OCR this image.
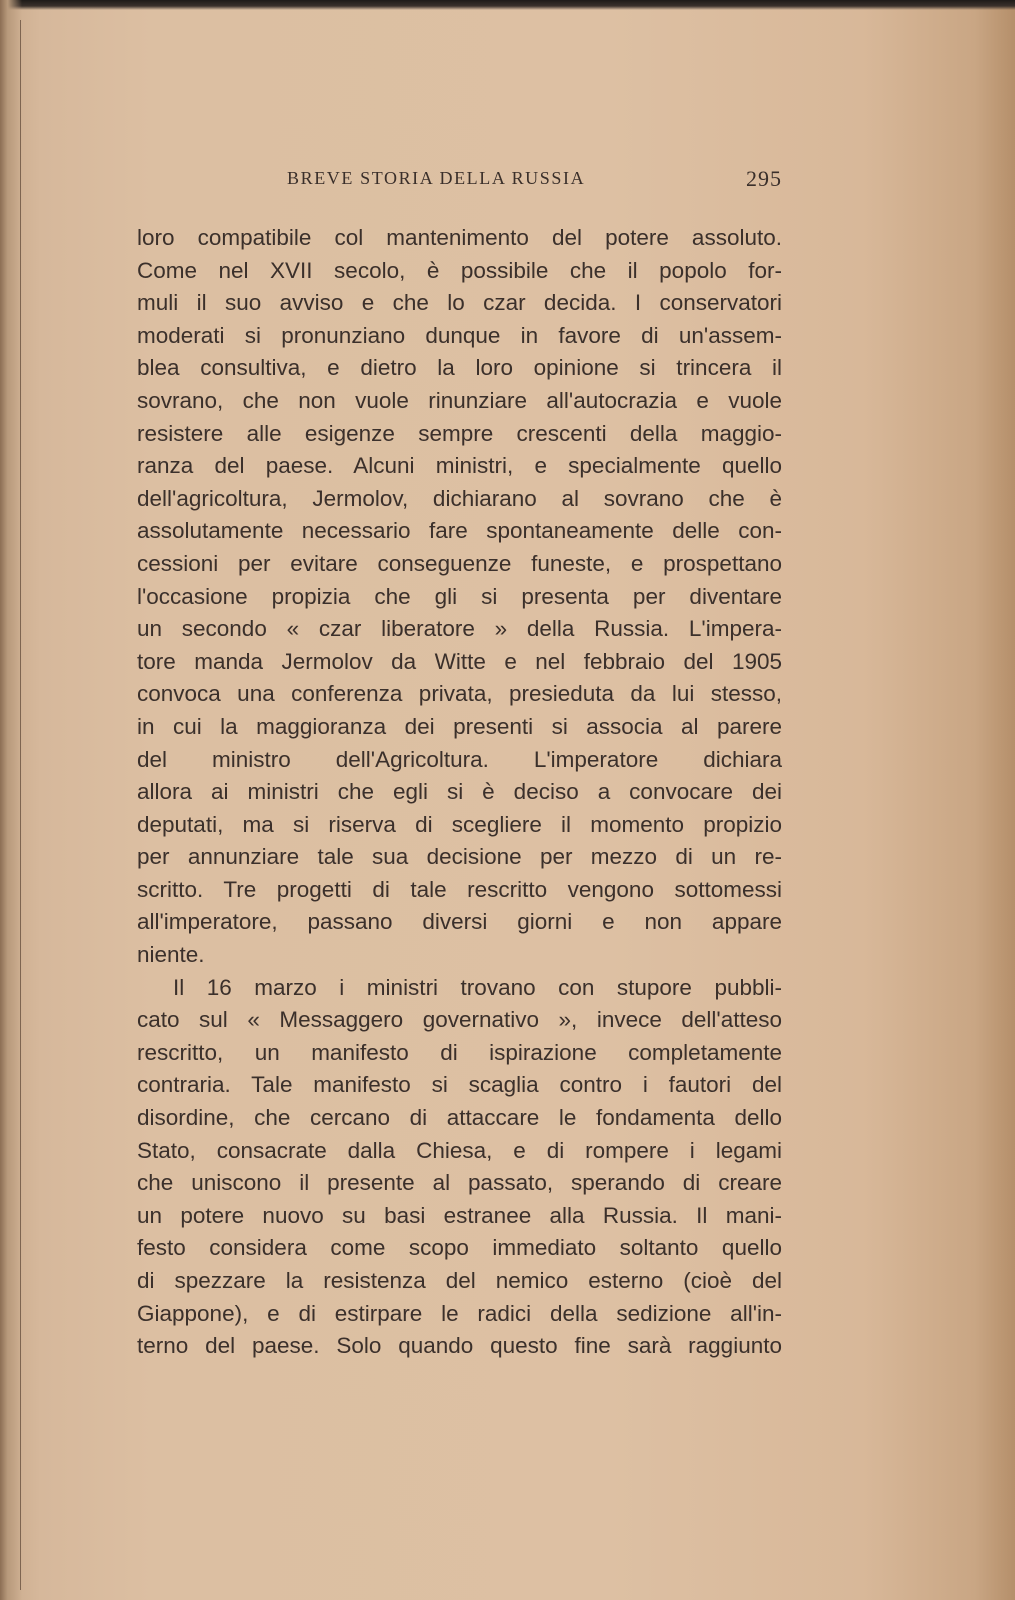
BREVE STORIA DELLA RUSSIA	295
loro compatibile col mantenimento del potere assoluto.
Come nel XVII secolo, è possibile che il popolo for-
muli il suo avviso e che lo czar decida. I conservatori
moderati si pronunziano dunque in favore di un'assem-
blea consultiva, e dietro la loro opinione si trincera il
sovrano, che non vuole rinunziare all'autocrazia e vuole
resistere alle esigenze sempre crescenti della maggio-
ranza del paese. Alcuni ministri, e specialmente quello
dell'agricoltura, Jermolov, dichiarano al sovrano che è
assolutamente necessario fare spontaneamente delle con-
cessioni per evitare conseguenze funeste, e prospettano
l'occasione propizia che gli si presenta per diventare
un secondo « czar liberatore » della Russia. L'impera-
tore manda Jermolov da Witte e nel febbraio del 1905
convoca una conferenza privata, presieduta da lui stesso,
in cui la maggioranza dei presenti si associa al parere
del ministro dell'Agricoltura. L'imperatore dichiara
allora ai ministri che egli si è deciso a convocare dei
deputati, ma si riserva di scegliere il momento propizio
per annunziare tale sua decisione per mezzo di un re-
scritto. Tre progetti di tale rescritto vengono sottomessi
all'imperatore, passano diversi giorni e non appare
niente.
Il 16 marzo i ministri trovano con stupore pubbli-
cato sul « Messaggero governativo », invece dell'atteso
rescritto, un manifesto di ispirazione completamente
contraria. Tale manifesto si scaglia contro i fautori del
disordine, che cercano di attaccare le fondamenta dello
Stato, consacrate dalla Chiesa, e di rompere i legami
che uniscono il presente al passato, sperando di creare
un potere nuovo su basi estranee alla Russia. Il mani-
festo considera come scopo immediato soltanto quello
di spezzare la resistenza del nemico esterno (cioè del
Giappone), e di estirpare le radici della sedizione all'in-
terno del paese. Solo quando questo fine sarà raggiunto
